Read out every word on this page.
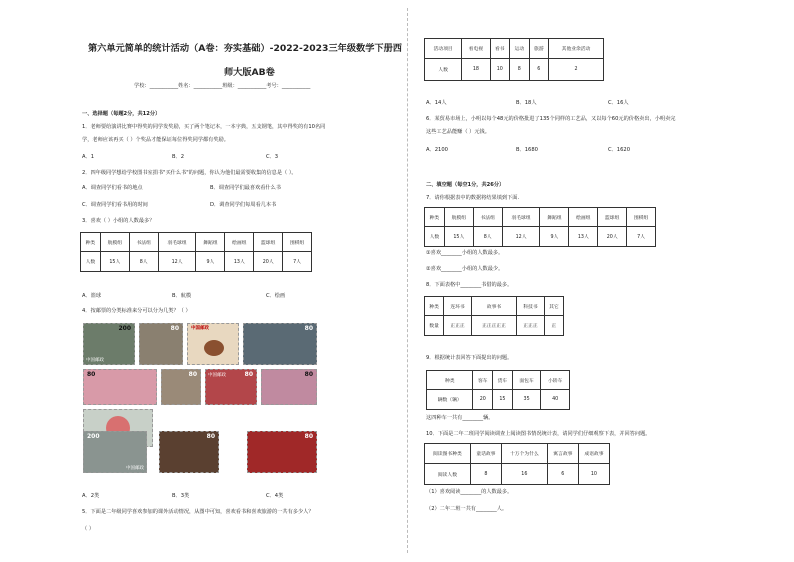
第六单元简单的统计活动（A卷：夯实基础）-2022-2023三年级数学下册西
师大版AB卷
学校：___________姓名：___________班级：___________考号：___________
一、选择题（每题2分，共12分）
1．老师要给演讲比赛中得奖的同学发奖励，买了两个笔记本，一本字典，五支钢笔，其中得奖的有10名同
学，老师应该再买（ ）个奖品才能保证每位得奖同学都有奖励。
A．1	B．2	C．3
2．四年级同学想给学校图书室捐书"买什么书"的问题，你认为他们最需要收集的信息是（ ）。
A．调查同学们看书的地点	B．调查同学们最喜欢看什么书
C．调查同学们看书用的时间	D．调查同学们每周看几本书
3．喜欢（ ）小组的人数最多？
种类	航模组	书法组	羽毛球组	舞蹈组	绘画组	篮球组	围棋组
人数	15人	8人	12人	9人	13人	20人	7人
A．篮球	B．航模	C．绘画
4．按邮票的分类标准来分可以分为几类？（ ）
200
中国邮政
80	中国邮政	80
80	80	80
中国邮政	80
200
中国邮政
80	80
A．2类	B．3类	C．4类
5．下面是二年级同学喜欢参加的课外活动情况，从图中可知，喜欢看书和喜欢旅游的一共有多少人？
（ ）
活动项目	看电视	看书	运动	旅游	其他业余活动
人数	18	10	8	6	2
A．14人	B．18人	C．16人
6．某贸易市场上，小明以每个48元的价格批进了135个同样的工艺品，又以每个60元的价格卖出，小明卖完
这些工艺品能赚（ ）元钱。
A．2100	B．1680	C．1620
二、填空题（每空1分，共26分）
7．请你根据表中的数据将结果填到下面.
种类	航模组	书法组	羽毛球组	舞蹈组	绘画组	篮球组	围棋组
人数	15人	8人	12人	9人	13人	20人	7人
①喜欢________小组的人数最多。
②喜欢________小组的人数最少。
8．下面表格中________书借的最多。
种类	连环书	故事书	科技书	其它
数量	正正正	正正正正正	正正正	正
9．根据统计表回答下面提出的问题。
种类	客车	货车	面包车	小轿车
辆数（辆）	20	15	35	40
这四种车一共有________辆。
10．下面是二年二班同学阅读调查上阅读图书情况统计表，请同学们仔细观察下表，并回答问题。
阅读图书种类	童话故事	十万个为什么	寓言故事	成语故事
阅读人数	8	16	6	10
（1）喜欢阅读________的人数最多。
（2）二年二班一共有________人。
